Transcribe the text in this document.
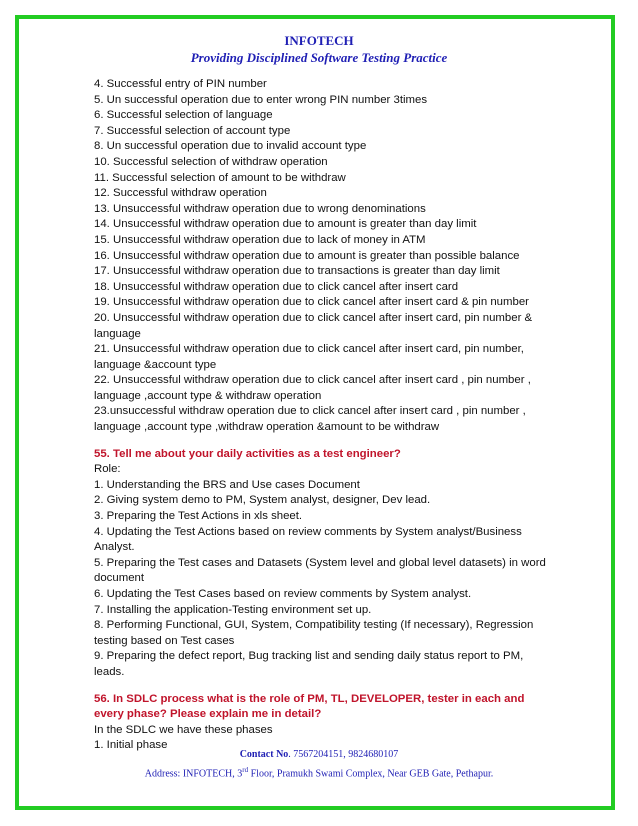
INFOTECH
Providing Disciplined Software Testing Practice
4. Successful entry of PIN number
5. Un successful operation due to enter wrong PIN number 3times
6. Successful selection of language
7. Successful selection of account type
8. Un successful operation due to invalid account type
10. Successful selection of withdraw operation
11. Successful selection of amount to be withdraw
12. Successful withdraw operation
13. Unsuccessful withdraw operation due to wrong denominations
14. Unsuccessful withdraw operation due to amount is greater than day limit
15. Unsuccessful withdraw operation due to lack of money in ATM
16. Unsuccessful withdraw operation due to amount is greater than possible balance
17. Unsuccessful withdraw operation due to transactions is greater than day limit
18. Unsuccessful withdraw operation due to click cancel after insert card
19. Unsuccessful withdraw operation due to click cancel after insert card & pin number
20. Unsuccessful withdraw operation due to click cancel after insert card, pin number & language
21. Unsuccessful withdraw operation due to click cancel after insert card, pin number, language &account type
22. Unsuccessful withdraw operation due to click cancel after insert card , pin number , language ,account type & withdraw operation
23.unsuccessful withdraw operation due to click cancel after insert card , pin number , language ,account type ,withdraw operation &amount to be withdraw
55. Tell me about your daily activities as a test engineer?
Role:
1. Understanding the BRS and Use cases Document
2. Giving system demo to PM, System analyst, designer, Dev lead.
3. Preparing the Test Actions in xls sheet.
4. Updating the Test Actions based on review comments by System analyst/Business Analyst.
5. Preparing the Test cases and Datasets (System level and global level datasets) in word document
6. Updating the Test Cases based on review comments by System analyst.
7. Installing the application-Testing environment set up.
8. Performing Functional, GUI, System, Compatibility testing (If necessary), Regression testing based on Test cases
9. Preparing the defect report, Bug tracking list and sending daily status report to PM, leads.
56. In SDLC process what is the role of PM, TL, DEVELOPER, tester in each and every phase? Please explain me in detail?
In the SDLC we have these phases
1. Initial phase
Contact No. 7567204151, 9824680107
Address: INFOTECH, 3rd Floor, Pramukh Swami Complex, Near GEB Gate, Pethapur.
